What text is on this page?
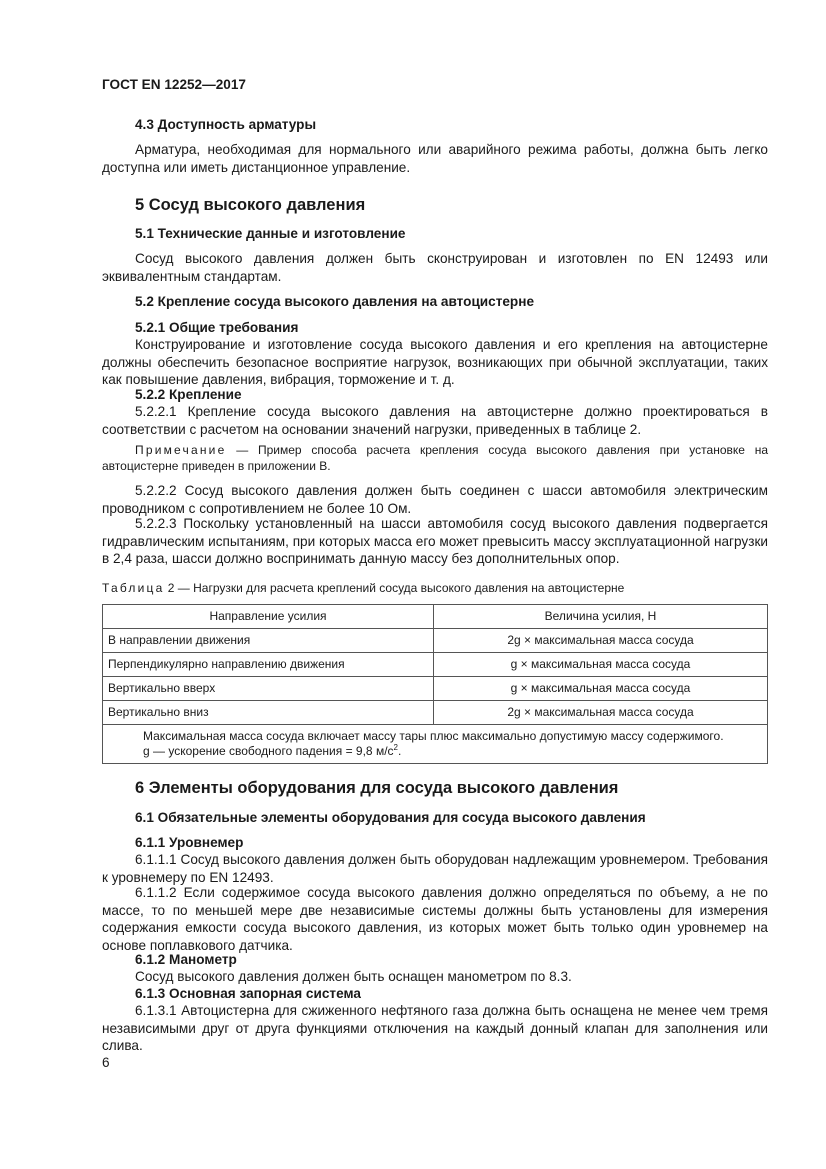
ГОСТ EN 12252—2017
4.3 Доступность арматуры
Арматура, необходимая для нормального или аварийного режима работы, должна быть легко доступна или иметь дистанционное управление.
5 Сосуд высокого давления
5.1 Технические данные и изготовление
Сосуд высокого давления должен быть сконструирован и изготовлен по EN 12493 или эквивалентным стандартам.
5.2 Крепление сосуда высокого давления на автоцистерне
5.2.1 Общие требования
Конструирование и изготовление сосуда высокого давления и его крепления на автоцистерне должны обеспечить безопасное восприятие нагрузок, возникающих при обычной эксплуатации, таких как повышение давления, вибрация, торможение и т. д.
5.2.2 Крепление
5.2.2.1 Крепление сосуда высокого давления на автоцистерне должно проектироваться в соответствии с расчетом на основании значений нагрузки, приведенных в таблице 2.
Примечание — Пример способа расчета крепления сосуда высокого давления при установке на автоцистерне приведен в приложении В.
5.2.2.2 Сосуд высокого давления должен быть соединен с шасси автомобиля электрическим проводником с сопротивлением не более 10 Ом.
5.2.2.3 Поскольку установленный на шасси автомобиля сосуд высокого давления подвергается гидравлическим испытаниям, при которых масса его может превысить массу эксплуатационной нагрузки в 2,4 раза, шасси должно воспринимать данную массу без дополнительных опор.
Таблица 2 — Нагрузки для расчета креплений сосуда высокого давления на автоцистерне
Направление усилия	Величина усилия, Н
В направлении движения	2g × максимальная масса сосуда
Перпендикулярно направлению движения	g × максимальная масса сосуда
Вертикально вверх	g × максимальная масса сосуда
Вертикально вниз	2g × максимальная масса сосуда

Максимальная масса сосуда включает массу тары плюс максимально допустимую массу содержимого.
g — ускорение свободного падения = 9,8 $м/с^2$.	
6 Элементы оборудования для сосуда высокого давления
6.1 Обязательные элементы оборудования для сосуда высокого давления
6.1.1 Уровнемер
6.1.1.1 Сосуд высокого давления должен быть оборудован надлежащим уровнемером. Требования к уровнемеру по EN 12493.
6.1.1.2 Если содержимое сосуда высокого давления должно определяться по объему, а не по массе, то по меньшей мере две независимые системы должны быть установлены для измерения содержания емкости сосуда высокого давления, из которых может быть только один уровнемер на основе поплавкового датчика.
6.1.2 Манометр
Сосуд высокого давления должен быть оснащен манометром по 8.3.
6.1.3 Основная запорная система
6.1.3.1 Автоцистерна для сжиженного нефтяного газа должна быть оснащена не менее чем тремя независимыми друг от друга функциями отключения на каждый донный клапан для заполнения или слива.
6
